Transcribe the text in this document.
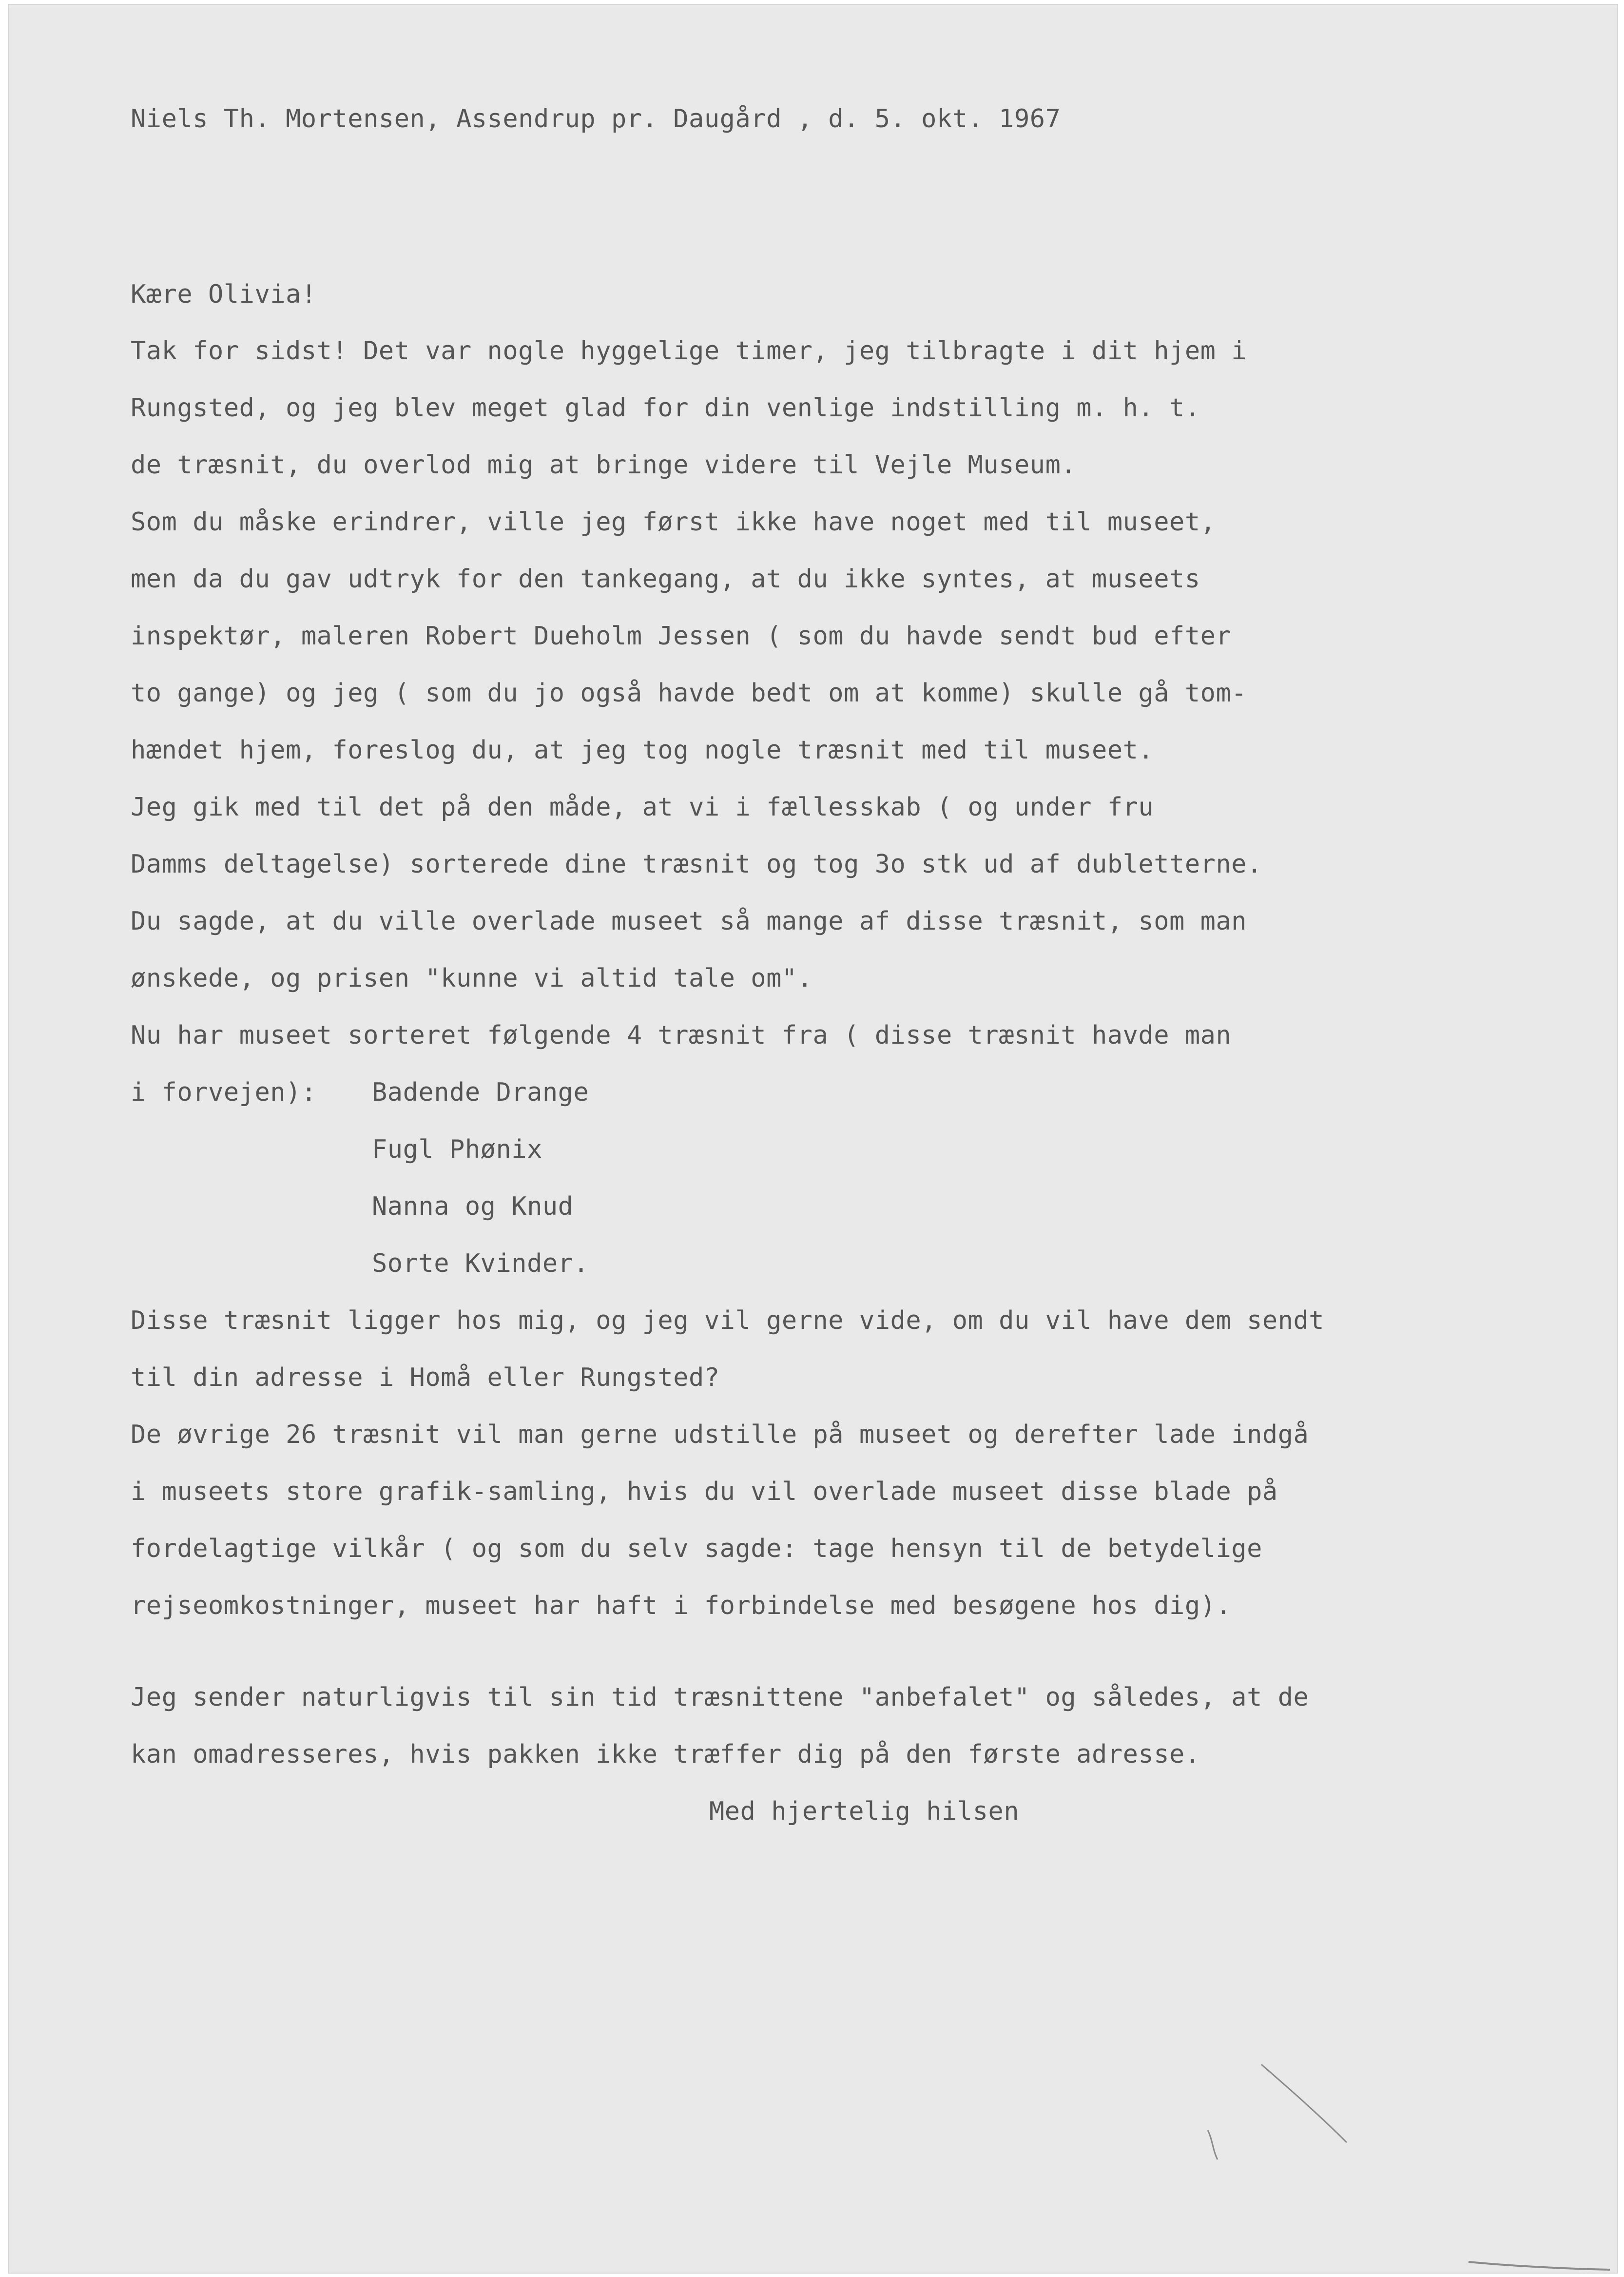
Niels Th. Mortensen, Assendrup pr. Daugård , d. 5. okt. 1967
Kære Olivia!
Tak for sidst! Det var nogle hyggelige timer, jeg tilbragte i dit hjem i
Rungsted, og jeg blev meget glad for din venlige indstilling m. h. t.
de træsnit, du overlod mig at bringe videre til Vejle Museum.
Som du måske erindrer, ville jeg først ikke have noget med til museet,
men da du gav udtryk for den tankegang, at du ikke syntes, at museets
inspektør, maleren Robert Dueholm Jessen ( som du havde sendt bud efter
to gange) og jeg ( som du jo også havde bedt om at komme) skulle gå tom-
hændet hjem, foreslog du, at jeg tog nogle træsnit med til museet.
Jeg gik med til det på den måde, at vi i fællesskab ( og under fru
Damms deltagelse) sorterede dine træsnit og tog 3o stk ud af dubletterne.
Du sagde, at du ville overlade museet så mange af disse træsnit, som man
ønskede, og prisen "kunne vi altid tale om".
Nu har museet sorteret følgende 4 træsnit fra ( disse træsnit havde man
i forvejen): Badende Drange
Fugl Phønix
Nanna og Knud
Sorte Kvinder.
Disse træsnit ligger hos mig, og jeg vil gerne vide, om du vil have dem sendt
til din adresse i Homå eller Rungsted?
De øvrige 26 træsnit vil man gerne udstille på museet og derefter lade indgå
i museets store grafik-samling, hvis du vil overlade museet disse blade på
fordelagtige vilkår ( og som du selv sagde: tage hensyn til de betydelige
rejseomkostninger, museet har haft i forbindelse med besøgene hos dig).
Jeg sender naturligvis til sin tid træsnittene "anbefalet" og således, at de
kan omadresseres, hvis pakken ikke træffer dig på den første adresse.
Med hjertelig hilsen
